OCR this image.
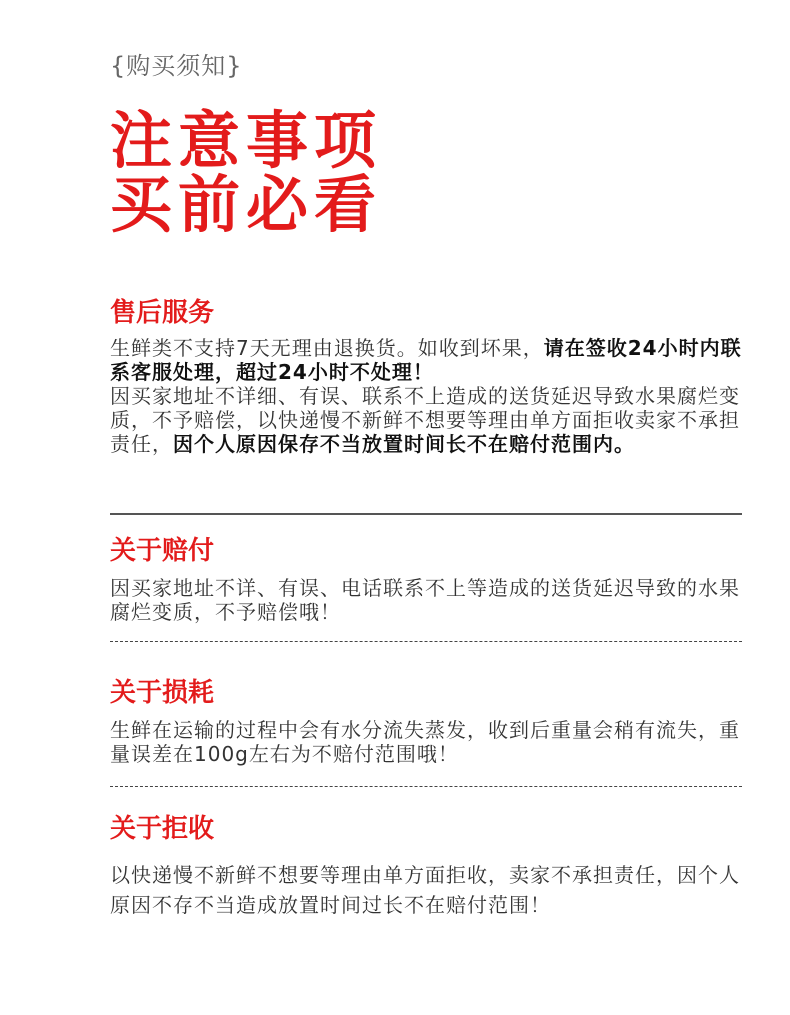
{购买须知}
注意事项
买前必看
售后服务

生鲜类不支持7天无理由退换货。如收到坏果，请在签收24小时内联系客服处理，超过24小时不处理！

因买家地址不详细、有误、联系不上造成的送货延迟导致水果腐烂变质，不予赔偿，以快递慢不新鲜不想要等理由单方面拒收卖家不承担责任，因个人原因保存不当放置时间长不在赔付范围内。

关于赔付
因买家地址不详、有误、电话联系不上等造成的送货延迟导致的水果腐烂变质，不予赔偿哦！
关于损耗
生鲜在运输的过程中会有水分流失蒸发，收到后重量会稍有流失，重量误差在100g左右为不赔付范围哦！
关于拒收
以快递慢不新鲜不想要等理由单方面拒收，卖家不承担责任，因个人原因不存不当造成放置时间过长不在赔付范围！
